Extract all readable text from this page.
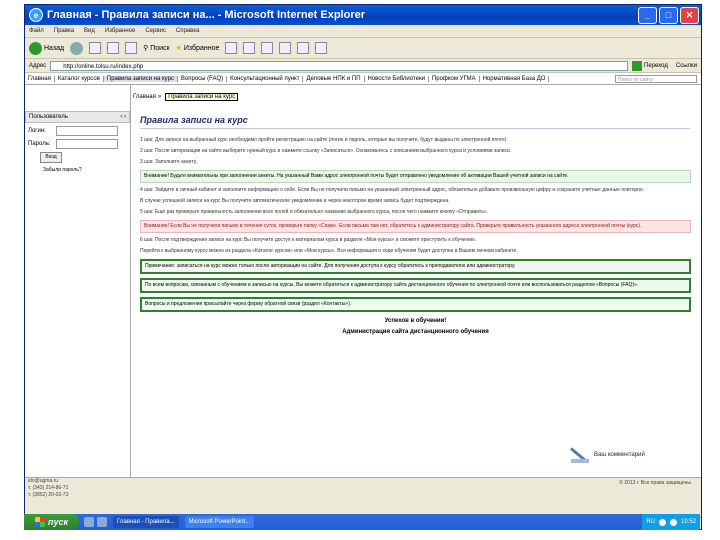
e Главная - Правила записи на... - Microsoft Internet Explorer	_	□	✕
Файл Правка Вид Избранное Сервис Справка
Назад	⚲ Поиск ★ Избранное
Адрес	http://online.tolsu.ru/index.php	Переход Ссылки
Главная	Каталог курсов	Правила записи на курс	Вопросы (FAQ)	Консультационный пункт	Деловые НПК и ПП	Новости Библиотеки	Профком УГМА	Нормативная База ДО	Поиск по сайту
Пользователь	‹ ›
Логин:
Пароль:
Вход
Забыли пароль?
Главная »	Правила записи на курс
Правила записи на курс
1 шаг. Для записи на выбранный курс необходимо пройти регистрацию на сайте (логин и пароль, которые вы получите, будут выданы по электронной почте).
2 шаг. После авторизации на сайте выберите нужный курс и нажмите ссылку «Записаться». Ознакомьтесь с описанием выбранного курса и условиями записи.
3 шаг. Заполните анкету.
Внимание! Будьте внимательны при заполнении анкеты. На указанный Вами адрос электронной почты будет отправлено уведомление об активации Вашей учетной записи на сайте.
4 шаг. Зайдите в личный кабинет и заполните информацию о себе. Если Вы не получили письмо на указанный электронный адрес, обязательно добавьте произвольную цифру и сохраните учетные данные повторно.
В случае успешной записи на курс Вы получите автоматическое уведомление и через некоторое время запись будет подтверждена.
5 шаг. Ещё раз проверьте правильность заполнения всех полей и обязательно название выбранного курса, после чего нажмите кнопку «Отправить».
Внимание! Если Вы не получили письмо в течение суток, проверьте папку «Спам». Если письма там нет, обратитесь к администратору сайта. Проверьте правильность указанного адреса электронной почты (курс).
6 шаг. После подтверждения записи на курс Вы получите доступ к материалам курса в разделе «Мои курсы» и сможете приступить к обучению.
Перейти к выбранному курсу можно из раздела «Каталог курсов» или «Мои курсы». Вся информация о ходе обучения будет доступна в Вашем личном кабинете.
Примечание: записаться на курс можно только после авторизации на сайте. Для получения доступа к курсу обратитесь к преподавателю или администратору.
По всем вопросам, связанным с обучением и записью на курсы, Вы можете обратиться к администратору сайта дистанционного обучения по электронной почте или воспользоваться разделом «Вопросы (FAQ)».
Вопросы и предложения присылайте через форму обратной связи (раздел «Контакты»).
Успехов в обучении!
Администрация сайта дистанционного обучения
Ваш комментарий
ido@ugma.ru
т. (343) 214-86-71
т. (3852) 20-03-73
© 2013 г. Все права защищены
пуск	Главная - Правила...	Microsoft PowerPoint...	RU	10:52
